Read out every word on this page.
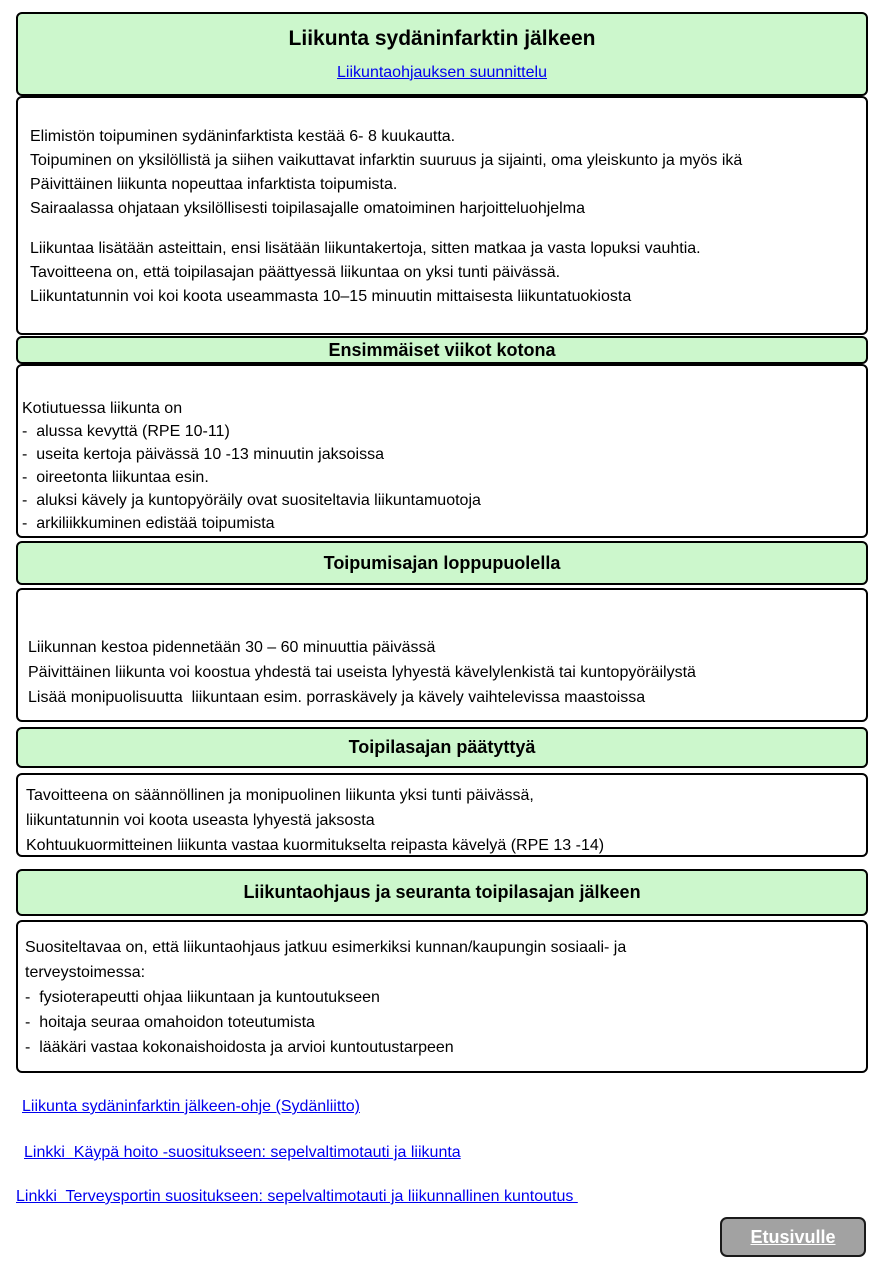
Liikunta sydäninfarktin jälkeen
Liikuntaohjauksen suunnittelu
Elimistön toipuminen sydäninfarktista kestää 6- 8 kuukautta.
Toipuminen on yksilöllistä ja siihen vaikuttavat infarktin suuruus ja sijainti, oma yleiskunto ja myös ikä
Päivittäinen liikunta nopeuttaa infarktista toipumista.
Sairaalassa ohjataan yksilöllisesti toipilasajalle omatoiminen harjoitteluohjelma
Liikuntaa lisätään asteittain, ensi lisätään liikuntakertoja, sitten matkaa ja vasta lopuksi vauhtia.
Tavoitteena on, että toipilasajan päättyessä liikuntaa on yksi tunti päivässä.
Liikuntatunnin voi koi koota useammasta 10–15 minuutin mittaisesta liikuntatuokiosta
Ensimmäiset viikot kotona
Kotiutuessa liikunta on
-  alussa kevyttä (RPE 10-11)
-  useita kertoja päivässä 10 -13 minuutin jaksoissa
-  oireetonta liikuntaa esin.
-  aluksi kävely ja kuntopyöräily ovat suositeltavia liikuntamuotoja
-  arkiliikkuminen edistää toipumista
Toipumisajan loppupuolella
Liikunnan kestoa pidennetään 30 – 60 minuuttia päivässä
Päivittäinen liikunta voi koostua yhdestä tai useista lyhyestä kävelylenkistä tai kuntopyöräilystä
Lisää monipuolisuutta  liikuntaan esim. porraskävely ja kävely vaihtelevissa maastoissa
Toipilasajan päätyttyä
Tavoitteena on säännöllinen ja monipuolinen liikunta yksi tunti päivässä,
liikuntatunnin voi koota useasta lyhyestä jaksosta
Kohtuukuormitteinen liikunta vastaa kuormitukselta reipasta kävelyä (RPE 13 -14)
Liikuntaohjaus ja seuranta toipilasajan jälkeen
Suositeltavaa on, että liikuntaohjaus jatkuu esimerkiksi kunnan/kaupungin sosiaali- ja
terveystoimessa:
-  fysioterapeutti ohjaa liikuntaan ja kuntoutukseen
-  hoitaja seuraa omahoidon toteutumista
-  lääkäri vastaa kokonaishoidosta ja arvioi kuntoutustarpeen
Liikunta sydäninfarktin jälkeen-ohje (Sydänliitto)
Linkki  Käypä hoito -suositukseen: sepelvaltimotauti ja liikunta
Linkki  Terveysportin suositukseen: sepelvaltimotauti ja liikunnallinen kuntoutus
Etusivulle
